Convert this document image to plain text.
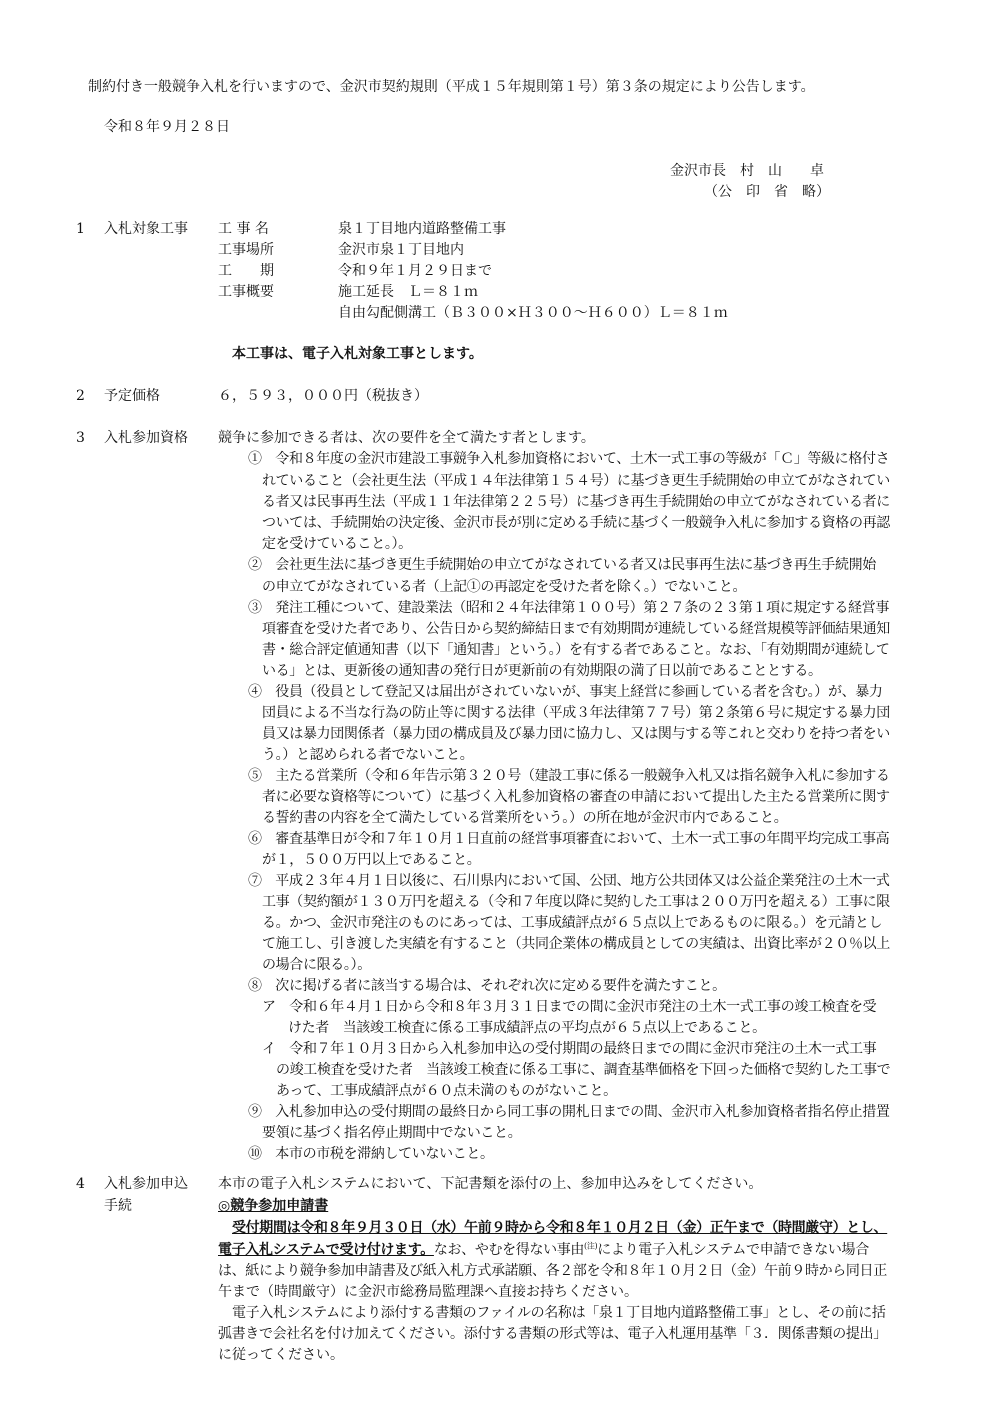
制約付き一般競争入札を行いますので、金沢市契約規則（平成１５年規則第１号）第３条の規定により公告します。
令和８年９月２８日
金沢市長　村　山　　卓
（公　印　省　略）
1 入札対象工事 工 事 名	泉１丁目地内道路整備工事
工事場所	金沢市泉１丁目地内
工　　期	令和９年１月２９日まで
工事概要	施工延長　Ｌ＝８１ｍ
自由勾配側溝工（Ｂ３００×Ｈ３００～Ｈ６００）Ｌ＝８１ｍ
本工事は、電子入札対象工事とします。
2 予定価格	６，５９３，０００円（税抜き）
3 入札参加資格 競争に参加できる者は、次の要件を全て満たす者とします。
①　令和８年度の金沢市建設工事競争入札参加資格において、土木一式工事の等級が「Ｃ」等級に格付さ
れていること（会社更生法（平成１４年法律第１５４号）に基づき更生手続開始の申立てがなされてい
る者又は民事再生法（平成１１年法律第２２５号）に基づき再生手続開始の申立てがなされている者に
ついては、手続開始の決定後、金沢市長が別に定める手続に基づく一般競争入札に参加する資格の再認
定を受けていること。）。
②　会社更生法に基づき更生手続開始の申立てがなされている者又は民事再生法に基づき再生手続開始
の申立てがなされている者（上記①の再認定を受けた者を除く。）でないこと。
③　発注工種について、建設業法（昭和２４年法律第１００号）第２７条の２３第１項に規定する経営事
項審査を受けた者であり、公告日から契約締結日まで有効期間が連続している経営規模等評価結果通知
書・総合評定値通知書（以下「通知書」という。）を有する者であること。なお、「有効期間が連続して
いる」とは、更新後の通知書の発行日が更新前の有効期限の満了日以前であることとする。
④　役員（役員として登記又は届出がされていないが、事実上経営に参画している者を含む。）が、暴力
団員による不当な行為の防止等に関する法律（平成３年法律第７７号）第２条第６号に規定する暴力団
員又は暴力団関係者（暴力団の構成員及び暴力団に協力し、又は関与する等これと交わりを持つ者をい
う。）と認められる者でないこと。
⑤　主たる営業所（令和６年告示第３２０号（建設工事に係る一般競争入札又は指名競争入札に参加する
者に必要な資格等について）に基づく入札参加資格の審査の申請において提出した主たる営業所に関す
る誓約書の内容を全て満たしている営業所をいう。）の所在地が金沢市内であること。
⑥　審査基準日が令和７年１０月１日直前の経営事項審査において、土木一式工事の年間平均完成工事高
が１，５００万円以上であること。
⑦　平成２３年４月１日以後に、石川県内において国、公団、地方公共団体又は公益企業発注の土木一式
工事（契約額が１３０万円を超える（令和７年度以降に契約した工事は２００万円を超える）工事に限
る。かつ、金沢市発注のものにあっては、工事成績評点が６５点以上であるものに限る。）を元請とし
て施工し、引き渡した実績を有すること（共同企業体の構成員としての実績は、出資比率が２０％以上
の場合に限る。）。
⑧　次に掲げる者に該当する場合は、それぞれ次に定める要件を満たすこと。
ア　令和６年４月１日から令和８年３月３１日までの間に金沢市発注の土木一式工事の竣工検査を受
けた者　当該竣工検査に係る工事成績評点の平均点が６５点以上であること。
イ　令和７年１０月３日から入札参加申込の受付期間の最終日までの間に金沢市発注の土木一式工事
の竣工検査を受けた者　当該竣工検査に係る工事に、調査基準価格を下回った価格で契約した工事で
あって、工事成績評点が６０点未満のものがないこと。
⑨　入札参加申込の受付期間の最終日から同工事の開札日までの間、金沢市入札参加資格者指名停止措置
要領に基づく指名停止期間中でないこと。
⑩　本市の市税を滞納していないこと。
4 入札参加申込
手続
本市の電子入札システムにおいて、下記書類を添付の上、参加申込みをしてください。
◎競争参加申請書
受付期間は令和８年９月３０日（水）午前９時から令和８年１０月２日（金）正午まで（時間厳守）とし、
電子入札システムで受け付けます。なお、やむを得ない事由$^{(注)}$により電子入札システムで申請できない場合
は、紙により競争参加申請書及び紙入札方式承諾願、各２部を令和８年１０月２日（金）午前９時から同日正
午まで（時間厳守）に金沢市総務局監理課へ直接お持ちください。
電子入札システムにより添付する書類のファイルの名称は「泉１丁目地内道路整備工事」とし、その前に括
弧書きで会社名を付け加えてください。添付する書類の形式等は、電子入札運用基準「３．関係書類の提出」
に従ってください。
